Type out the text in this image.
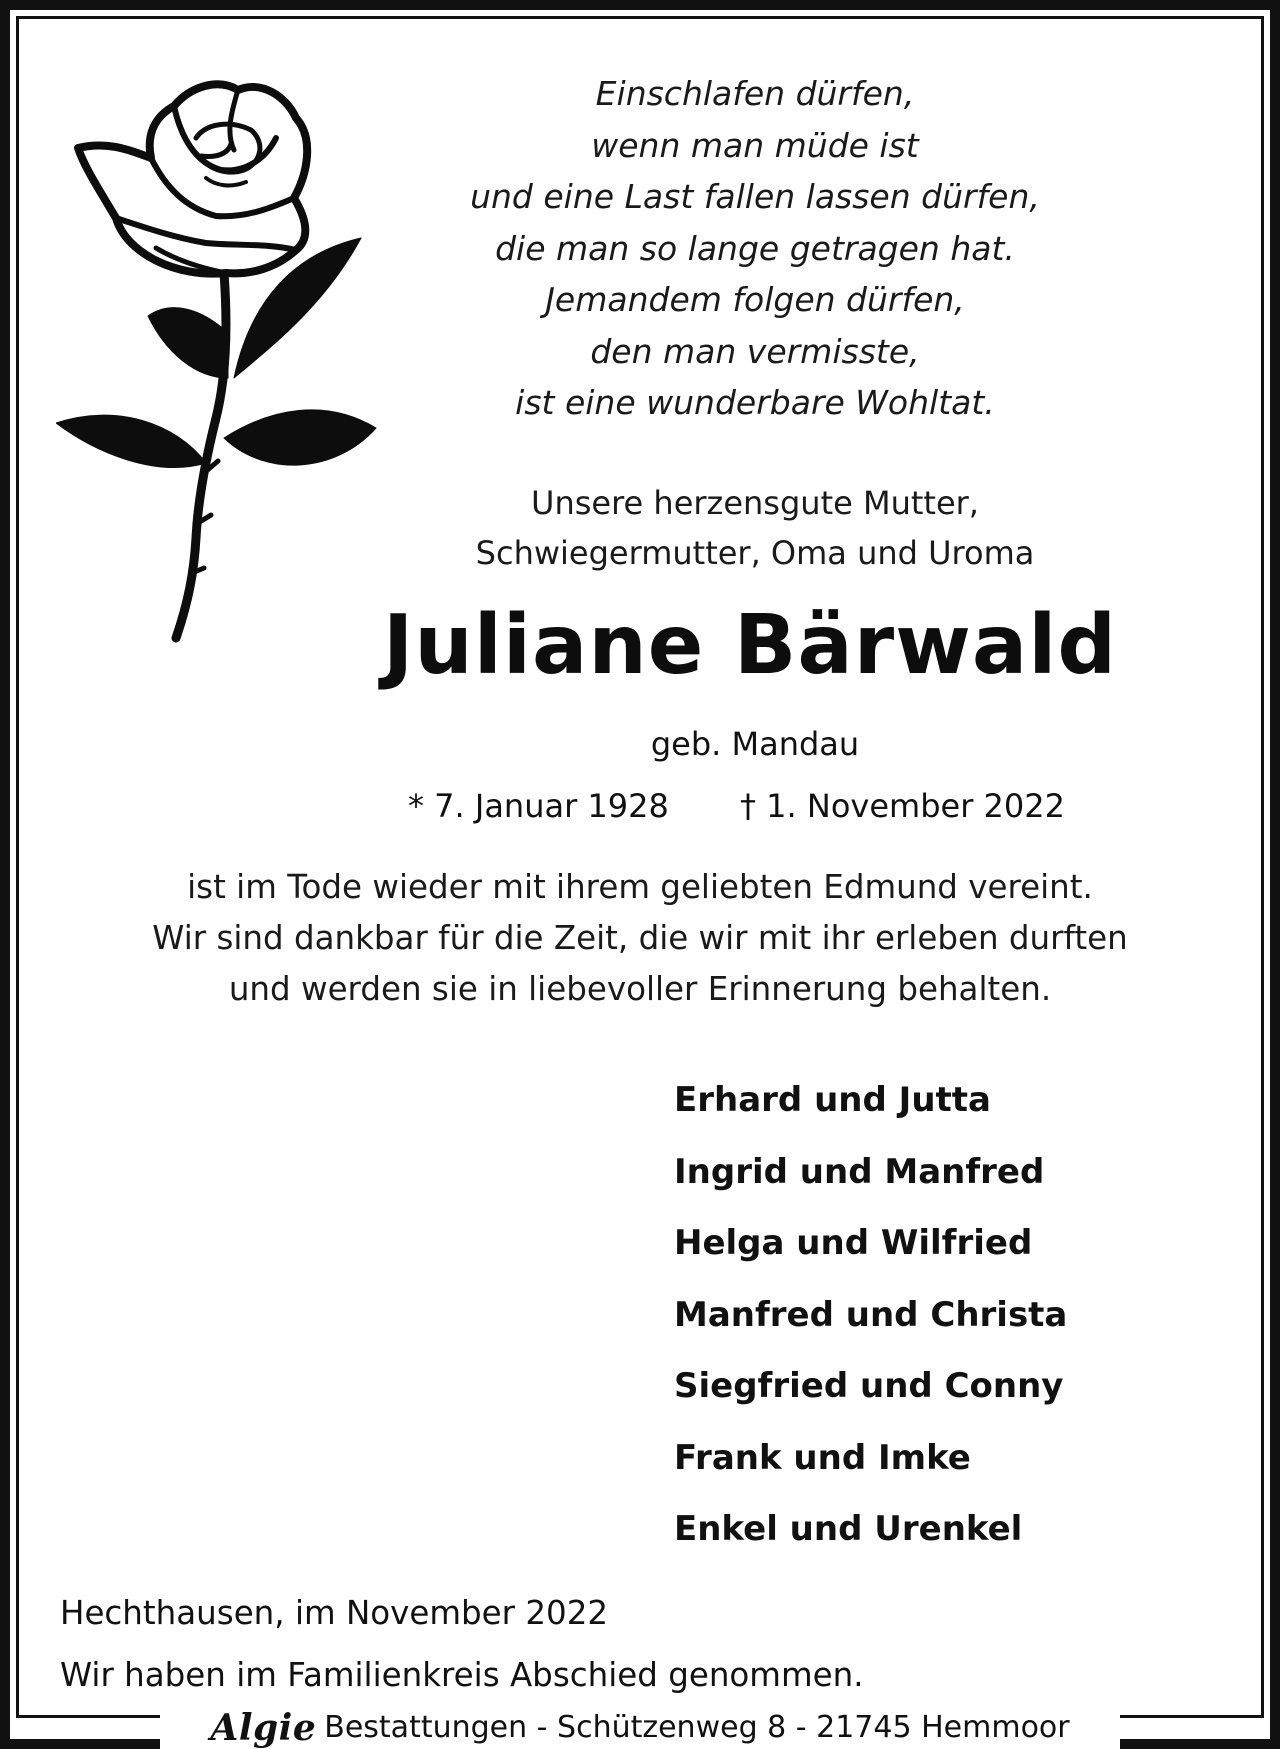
Einschlafen dürfen,
wenn man müde ist
und eine Last fallen lassen dürfen,
die man so lange getragen hat.
Jemandem folgen dürfen,
den man vermisste,
ist eine wunderbare Wohltat.
Unsere herzensgute Mutter,
Schwiegermutter, Oma und Uroma
Juliane Bärwald
geb. Mandau
* 7. Januar 1928 † 1. November 2022
ist im Tode wieder mit ihrem geliebten Edmund vereint.
Wir sind dankbar für die Zeit, die wir mit ihr erleben durften
und werden sie in liebevoller Erinnerung behalten.
Erhard und Jutta
Ingrid und Manfred
Helga und Wilfried
Manfred und Christa
Siegfried und Conny
Frank und Imke
Enkel und Urenkel
Hechthausen, im November 2022
Wir haben im Familienkreis Abschied genommen.
Algie Bestattungen - Schützenweg 8 - 21745 Hemmoor
